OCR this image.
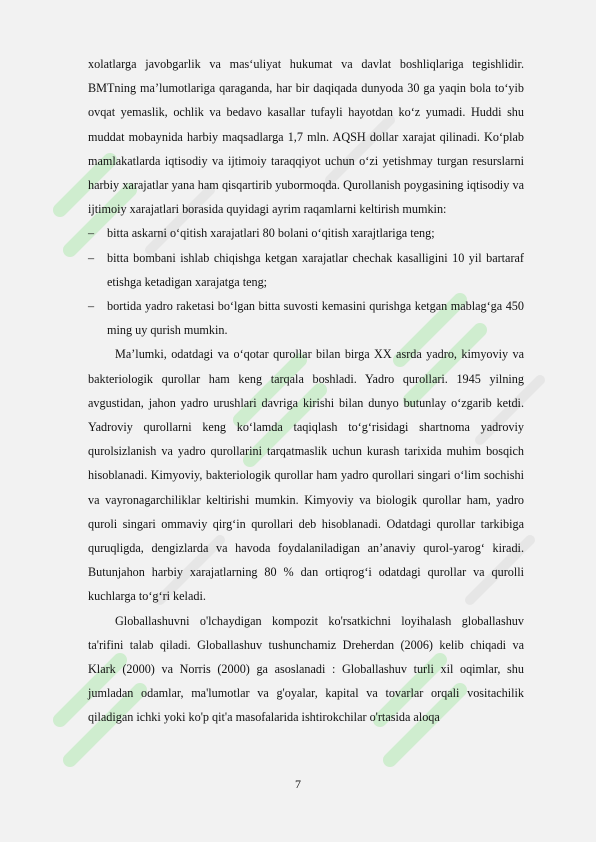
﻿

xolatlarga javobgarlik va mas‘uliyat hukumat va davlat boshliqlariga tegishlidir. BMTning ma’lumotlariga qaraganda, har bir daqiqada dunyoda 30 ga yaqin bola to‘yib ovqat yemaslik, ochlik va bedavo kasallar tufayli hayotdan ko‘z yumadi. Huddi shu muddat mobaynida harbiy maqsadlarga 1,7 mln. AQSH dollar xarajat qilinadi. Ko‘plab mamlakatlarda iqtisodiy va ijtimoiy taraqqiyot uchun o‘zi yetishmay turgan resurslarni harbiy xarajatlar yana ham qisqartirib yubormoqda. Qurollanish poygasining iqtisodiy va ijtimoiy xarajatlari borasida quyidagi ayrim raqamlarni keltirish mumkin:

– bitta askarni o‘qitish xarajatlari 80 bolani o‘qitish xarajtlariga teng;
– bitta bombani ishlab chiqishga ketgan xarajatlar chechak kasalligini 10 yil bartaraf etishga ketadigan xarajatga teng;
– bortida yadro raketasi bo‘lgan bitta suvosti kemasini qurishga ketgan mablag‘ga 450 ming uy qurish mumkin.

Ma’lumki, odatdagi va o‘qotar qurollar bilan birga XX asrda yadro, kimyoviy va bakteriologik qurollar ham keng tarqala boshladi. Yadro qurollari. 1945 yilning avgustidan, jahon yadro urushlari davriga kirishi bilan dunyo butunlay o‘zgarib ketdi. Yadroviy qurollarni keng ko‘lamda taqiqlash to‘g‘risidagi shartnoma yadroviy qurolsizlanish va yadro qurollarini tarqatmaslik uchun kurash tarixida muhim bosqich hisoblanadi. Kimyoviy, bakteriologik qurollar ham yadro qurollari singari o‘lim sochishi va vayronagarchiliklar keltirishi mumkin. Kimyoviy va biologik qurollar ham, yadro quroli singari ommaviy qirg‘in qurollari deb hisoblanadi. Odatdagi qurollar tarkibiga quruqligda, dengizlarda va havoda foydalaniladigan an’anaviy qurol-yarog‘ kiradi. Butunjahon harbiy xarajatlarning 80 % dan ortiqrog‘i odatdagi qurollar va qurolli kuchlarga to‘g‘ri keladi.

Globallashuvni o'lchaydigan kompozit ko'rsatkichni loyihalash globallashuv ta'rifini talab qiladi. Globallashuv tushunchamiz Dreherdan (2006) kelib chiqadi va Klark (2000) va Norris (2000) ga asoslanadi : Globallashuv turli xil oqimlar, shu jumladan odamlar, ma'lumotlar va g'oyalar, kapital va tovarlar orqali vositachilik qiladigan ichki yoki ko'p qit'a masofalarida ishtirokchilar o'rtasida aloqa

7
